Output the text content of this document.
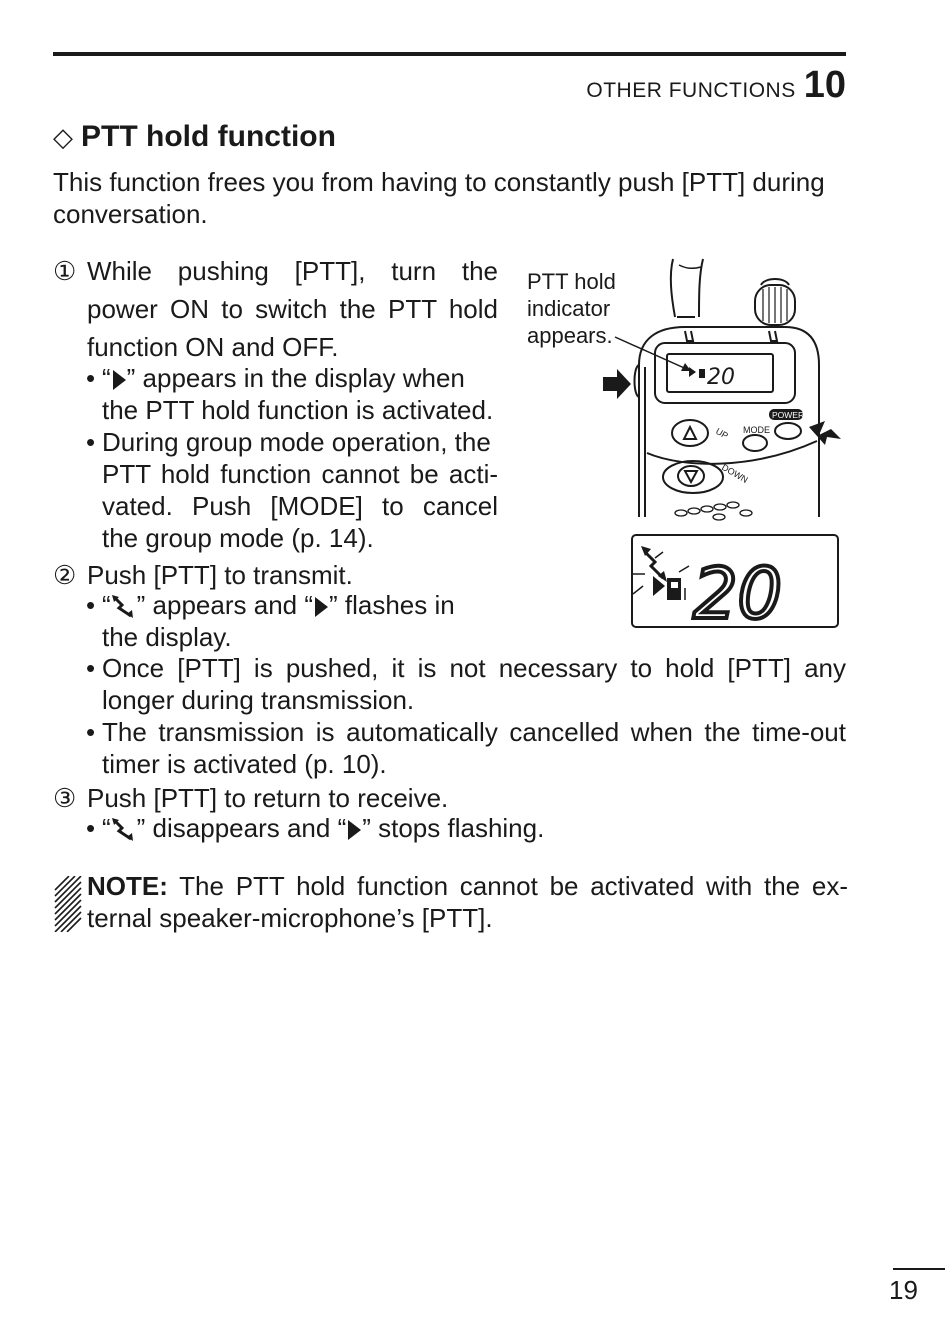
OTHER FUNCTIONS 10
◇ PTT hold function
This function frees you from having to constantly push [PTT] during conversation.
① While pushing [PTT], turn the
power ON to switch the PTT hold
function ON and OFF.
• “ ” appears in the display when
the PTT hold function is activated.
• During group mode operation, the
PTT hold function cannot be acti-
vated. Push [MODE] to cancel
the group mode (p. 14).
② Push [PTT] to transmit.
• “ ” appears and “ ” flashes in
the display.
• Once [PTT] is pushed, it is not necessary to hold [PTT] any
longer during transmission.
• The transmission is automatically cancelled when the time-out
timer is activated (p. 10).
③ Push [PTT] to return to receive.
• “ ” disappears and “ ” stops flashing.
NOTE: The PTT hold function cannot be activated with the ex-
ternal speaker-microphone’s [PTT].
PTT hold
indicator
appears.
20
UP MODE
POWER
DOWN
20
19
